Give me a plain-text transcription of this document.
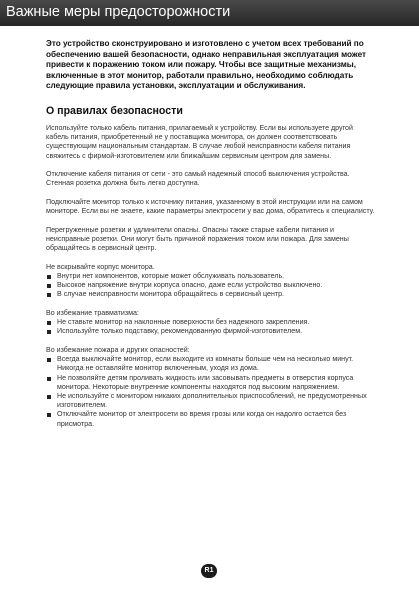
Важные меры предосторожности

Это устройство сконструировано и изготовлено с учетом всех требований по обеспечению вашей безопасности, однако неправильная эксплуатация может привести к поражению током или пожару. Чтобы все защитные механизмы, включенные в этот монитор, работали правильно, необходимо соблюдать следующие правила установки, эксплуатации и обслуживания.

О правилах безопасности

Используйте только кабель питания, прилагаемый к устройству. Если вы используете другой кабель питания, приобретенный не у поставщика монитора, он должен соответствовать существующим национальным стандартам. В случае любой неисправности кабеля питания свяжитесь с фирмой-изготовителем или ближайшим сервисным центром для замены.

Отключение кабеля питания от сети - это самый надежный способ выключения устройства. Стенная розетка должна быть легко доступна.

Подключайте монитор только к источнику питания, указанному в этой инструкции или на самом мониторе. Если вы не знаете, какие параметры электросети у вас дома, обратитесь к специалисту.

Перегруженные розетки и удлинители опасны. Опасны также старые кабели питания и неисправные розетки. Они могут быть причиной поражения током или пожара. Для замены обращайтесь в сервисный центр.

Не вскрывайте корпус монитора.
Внутри нет компонентов, которые может обслуживать пользователь.
Высокое напряжение внутри корпуса опасно, даже если устройство выключено.
В случае неисправности монитора обращайтесь в сервисный центр.
Во избежание травматизма:
Не ставьте монитор на наклонные поверхности без надежного закрепления.
Используйте только подставку, рекомендованную фирмой-изготовителем.
Во избежание пожара и других опасностей:
Всегда выключайте монитор, если выходите из комнаты больше чем на несколько минут. Никогда не оставляйте монитор включенным, уходя из дома.
Не позволяйте детям проливать жидкость или засовывать предметы в отверстия корпуса монитора. Некоторые внутренние компоненты находятся под высоким напряжением.
Не используйте с монитором никаких дополнительных приспособлений, не предусмотренных изготовителем.
Отключайте монитор от электросети во время грозы или когда он надолго остается без присмотра.
R1
